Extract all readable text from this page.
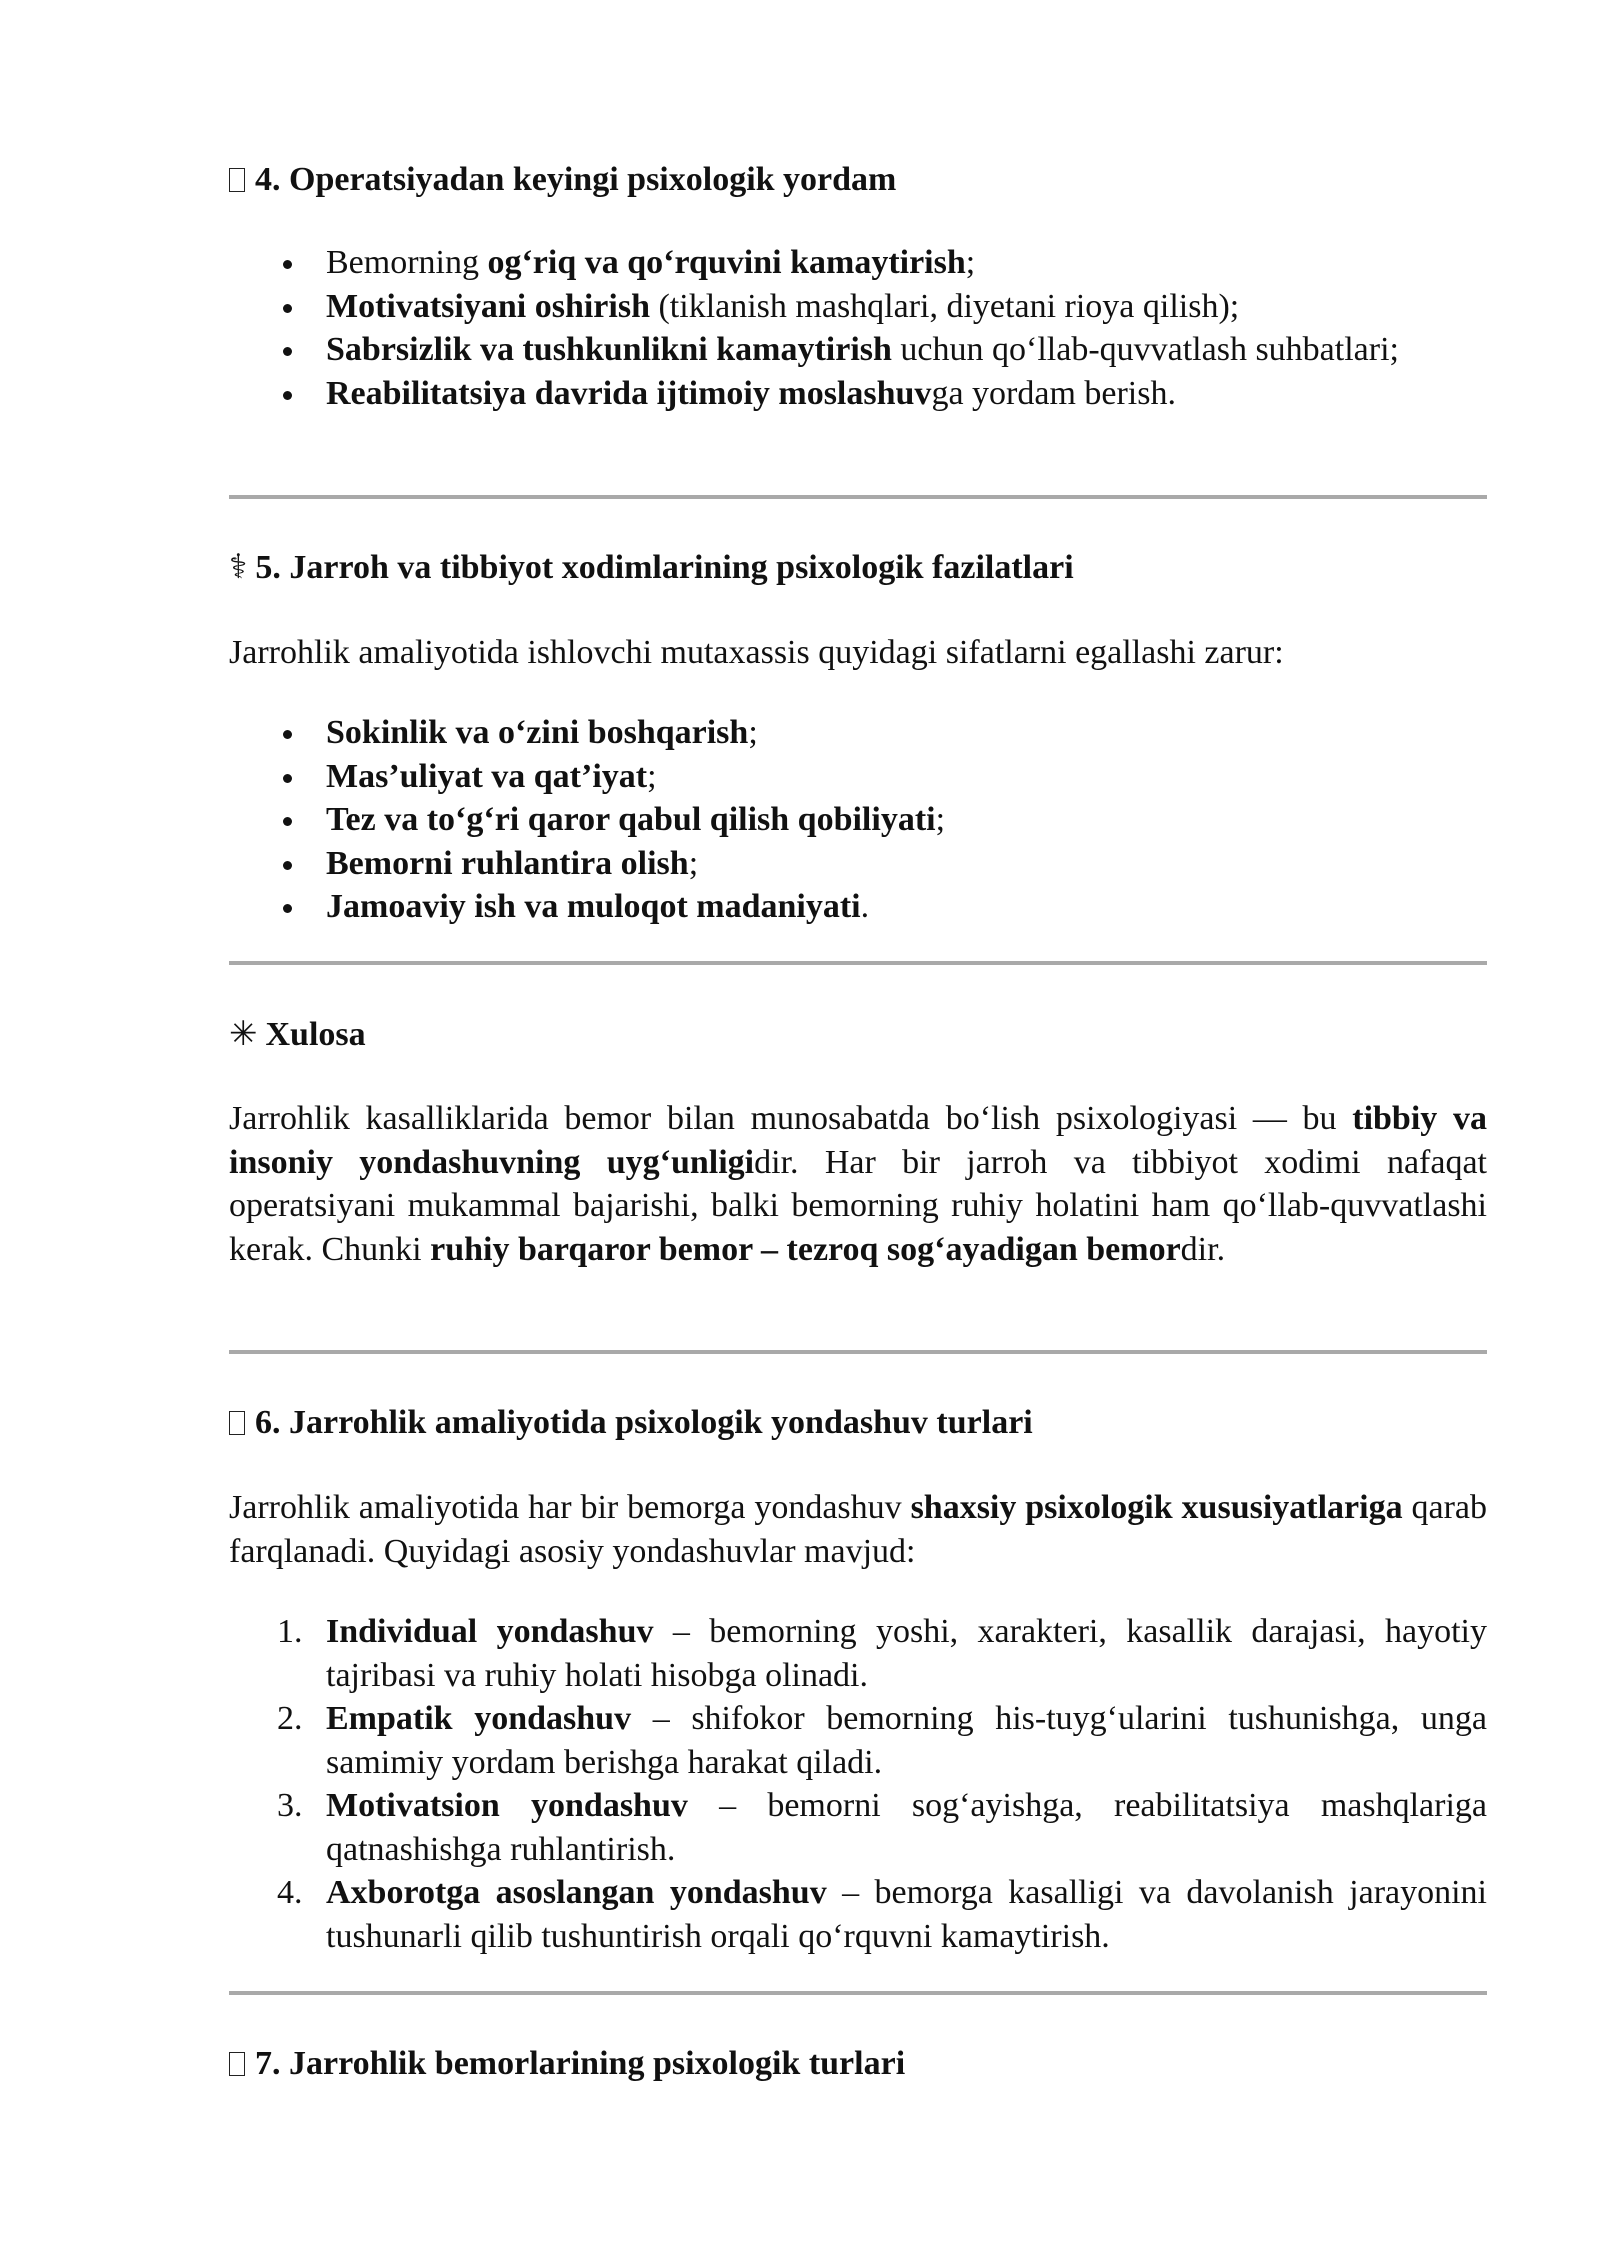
4. Operatsiyadan keyingi psixologik yordam
Bemorning og‘riq va qo‘rquvini kamaytirish;
Motivatsiyani oshirish (tiklanish mashqlari, diyetani rioya qilish);
Sabrsizlik va tushkunlikni kamaytirish uchun qo‘llab-quvvatlash suhbatlari;
Reabilitatsiya davrida ijtimoiy moslashuvga yordam berish.
⚕ 5. Jarroh va tibbiyot xodimlarining psixologik fazilatlari

Jarrohlik amaliyotida ishlovchi mutaxassis quyidagi sifatlarni egallashi zarur:

Sokinlik va o‘zini boshqarish;
Mas’uliyat va qat’iyat;
Tez va to‘g‘ri qaror qabul qilish qobiliyati;
Bemorni ruhlantira olish;
Jamoaviy ish va muloqot madaniyati.
✳ Xulosa

Jarrohlik kasalliklarida bemor bilan munosabatda bo‘lish psixologiyasi — bu tibbiy va insoniy yondashuvning uyg‘unligidir. Har bir jarroh va tibbiyot xodimi nafaqat operatsiyani mukammal bajarishi, balki bemorning ruhiy holatini ham qo‘llab-quvvatlashi kerak. Chunki ruhiy barqaror bemor – tezroq sog‘ayadigan bemordir.

6. Jarrohlik amaliyotida psixologik yondashuv turlari

Jarrohlik amaliyotida har bir bemorga yondashuv shaxsiy psixologik xususiyatlariga qarab farqlanadi. Quyidagi asosiy yondashuvlar mavjud:

1. Individual yondashuv – bemorning yoshi, xarakteri, kasallik darajasi, hayotiy tajribasi va ruhiy holati hisobga olinadi.
2. Empatik yondashuv – shifokor bemorning his-tuyg‘ularini tushunishga, unga samimiy yordam berishga harakat qiladi.
3. Motivatsion yondashuv – bemorni sog‘ayishga, reabilitatsiya mashqlariga qatnashishga ruhlantirish.
4. Axborotga asoslangan yondashuv – bemorga kasalligi va davolanish jarayonini tushunarli qilib tushuntirish orqali qo‘rquvni kamaytirish.
7. Jarrohlik bemorlarining psixologik turlari
